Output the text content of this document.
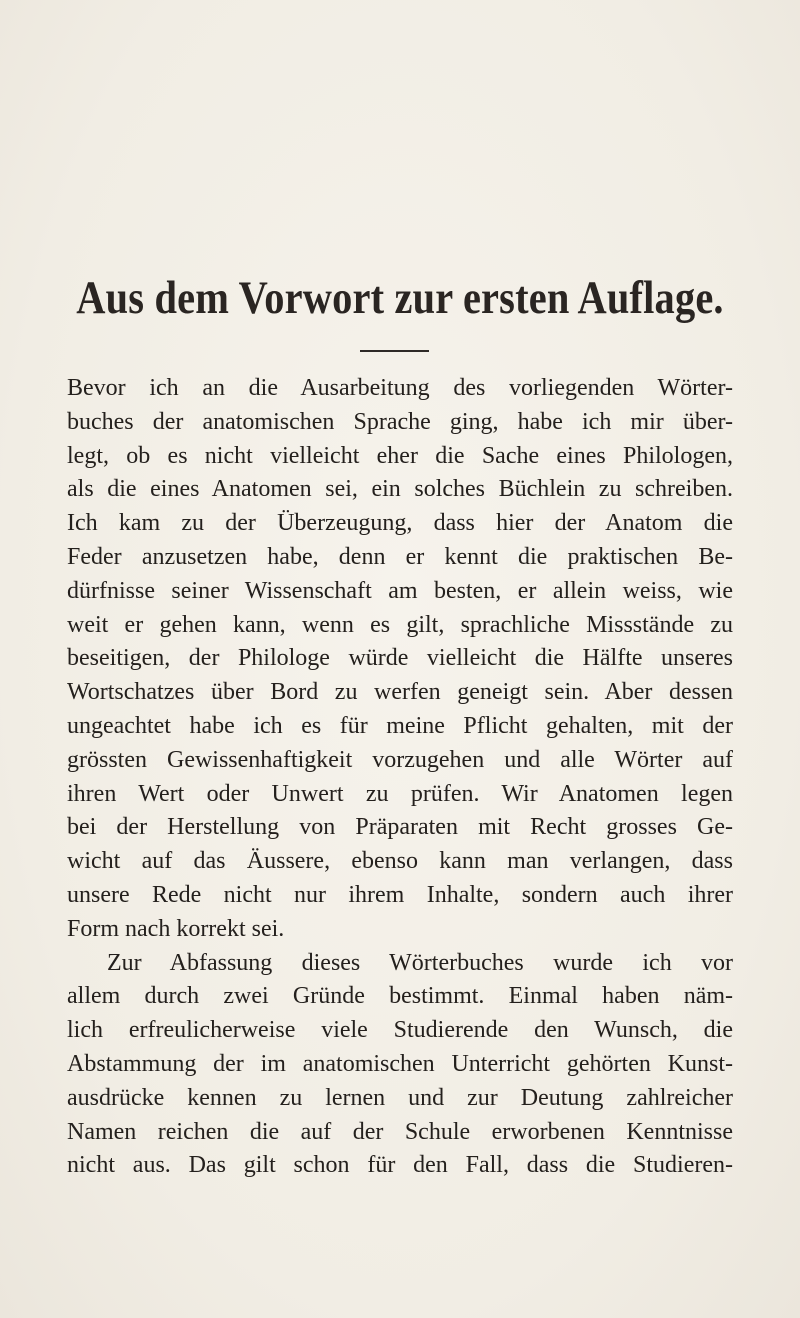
Aus dem Vorwort zur ersten Auflage.
Bevor ich an die Ausarbeitung des vorliegenden Wörter-
buches der anatomischen Sprache ging, habe ich mir über-
legt, ob es nicht vielleicht eher die Sache eines Philologen,
als die eines Anatomen sei, ein solches Büchlein zu schreiben.
Ich kam zu der Überzeugung, dass hier der Anatom die
Feder anzusetzen habe, denn er kennt die praktischen Be-
dürfnisse seiner Wissenschaft am besten, er allein weiss, wie
weit er gehen kann, wenn es gilt, sprachliche Missstände zu
beseitigen, der Philologe würde vielleicht die Hälfte unseres
Wortschatzes über Bord zu werfen geneigt sein. Aber dessen
ungeachtet habe ich es für meine Pflicht gehalten, mit der
grössten Gewissenhaftigkeit vorzugehen und alle Wörter auf
ihren Wert oder Unwert zu prüfen. Wir Anatomen legen
bei der Herstellung von Präparaten mit Recht grosses Ge-
wicht auf das Äussere, ebenso kann man verlangen, dass
unsere Rede nicht nur ihrem Inhalte, sondern auch ihrer
Form nach korrekt sei.
Zur Abfassung dieses Wörterbuches wurde ich vor
allem durch zwei Gründe bestimmt. Einmal haben näm-
lich erfreulicherweise viele Studierende den Wunsch, die
Abstammung der im anatomischen Unterricht gehörten Kunst-
ausdrücke kennen zu lernen und zur Deutung zahlreicher
Namen reichen die auf der Schule erworbenen Kenntnisse
nicht aus. Das gilt schon für den Fall, dass die Studieren-
